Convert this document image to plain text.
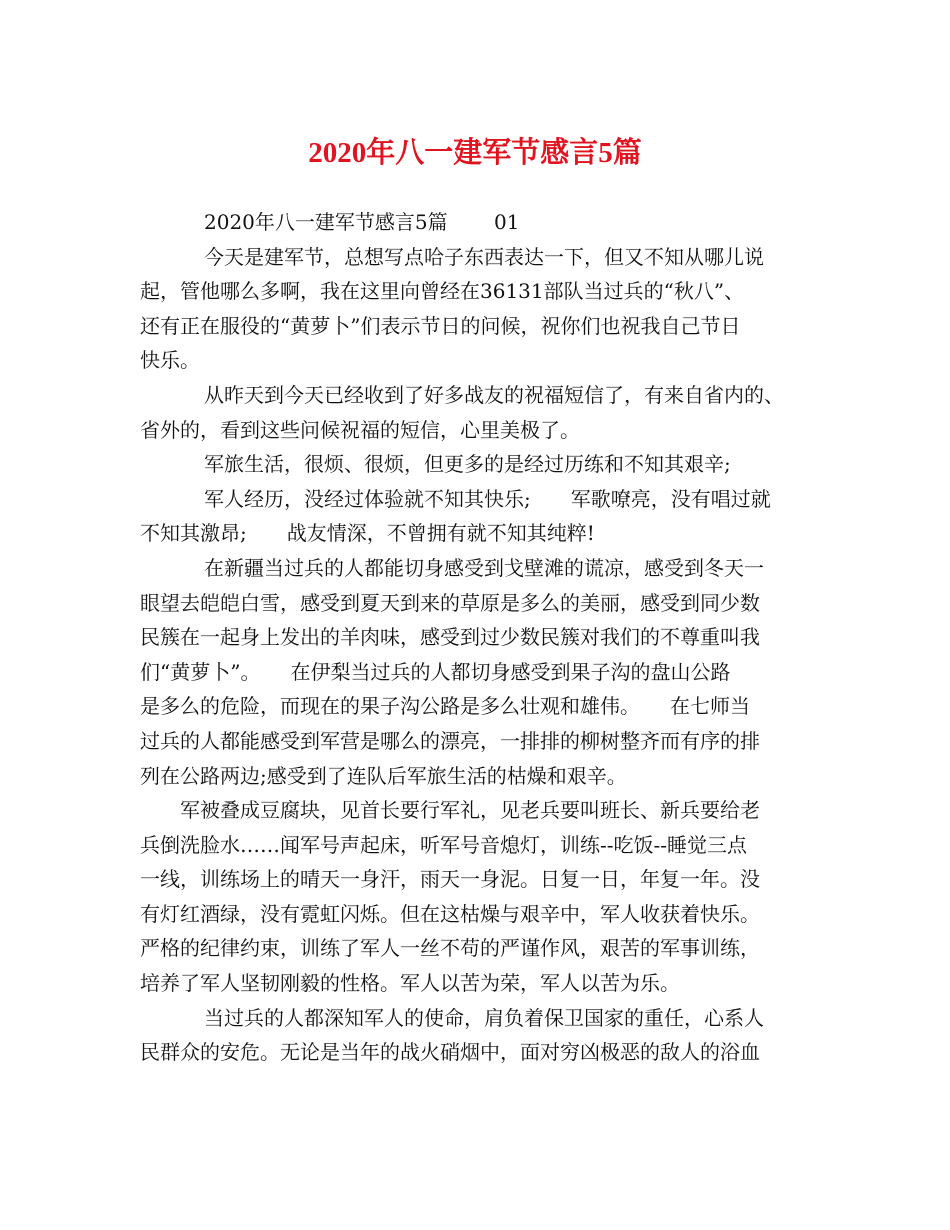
2020年八一建军节感言5篇
2020年八一建军节感言5篇　　 01
今天是建军节，总想写点哈子东西表达一下，但又不知从哪儿说
起，管他哪么多啊，我在这里向曾经在36131部队当过兵的“秋八”、
还有正在服役的“黄萝卜”们表示节日的问候，祝你们也祝我自己节日
快乐。
从昨天到今天已经收到了好多战友的祝福短信了，有来自省内的、
省外的，看到这些问候祝福的短信，心里美极了。
军旅生活，很烦、很烦，但更多的是经过历练和不知其艰辛;
军人经历，没经过体验就不知其快乐;　　军歌嘹亮，没有唱过就
不知其激昂;　　战友情深，不曾拥有就不知其纯粹!
在新疆当过兵的人都能切身感受到戈壁滩的谎凉，感受到冬天一
眼望去皑皑白雪，感受到夏天到来的草原是多么的美丽，感受到同少数
民簇在一起身上发出的羊肉味，感受到过少数民簇对我们的不尊重叫我
们“黄萝卜”。　　在伊梨当过兵的人都切身感受到果子沟的盘山公路
是多么的危险，而现在的果子沟公路是多么壮观和雄伟。　　在七师当
过兵的人都能感受到军营是哪么的漂亮，一排排的柳树整齐而有序的排
列在公路两边;感受到了连队后军旅生活的枯燥和艰辛。
军被叠成豆腐块，见首长要行军礼，见老兵要叫班长、新兵要给老
兵倒洗脸水……闻军号声起床，听军号音熄灯，训练--吃饭--睡觉三点
一线，训练场上的晴天一身汗，雨天一身泥。日复一日，年复一年。没
有灯红酒绿，没有霓虹闪烁。但在这枯燥与艰辛中，军人收获着快乐。
严格的纪律约束，训练了军人一丝不苟的严谨作风，艰苦的军事训练，
培养了军人坚韧刚毅的性格。军人以苦为荣，军人以苦为乐。
当过兵的人都深知军人的使命，肩负着保卫国家的重任，心系人
民群众的安危。无论是当年的战火硝烟中，面对穷凶极恶的敌人的浴血
